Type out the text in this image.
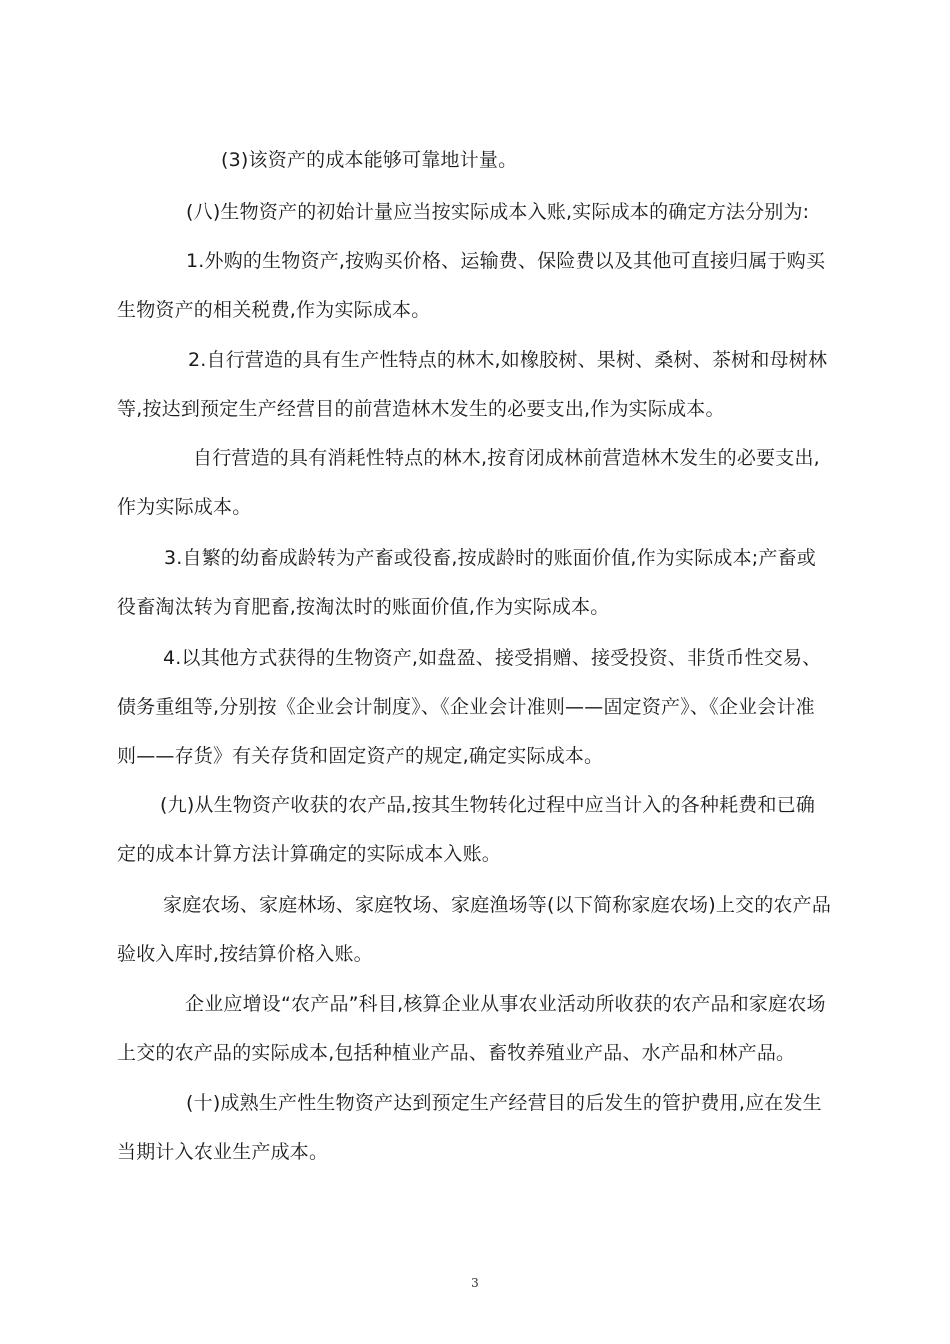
(3)该资产的成本能够可靠地计量。

(八)生物资产的初始计量应当按实际成本入账,实际成本的确定方法分别为:

1.外购的生物资产,按购买价格、运输费、保险费以及其他可直接归属于购买生物资产的相关税费,作为实际成本。

2.自行营造的具有生产性特点的林木,如橡胶树、果树、桑树、茶树和母树林等,按达到预定生产经营目的前营造林木发生的必要支出,作为实际成本。

自行营造的具有消耗性特点的林木,按育闭成林前营造林木发生的必要支出,作为实际成本。

3.自繁的幼畜成龄转为产畜或役畜,按成龄时的账面价值,作为实际成本;产畜或役畜淘汰转为育肥畜,按淘汰时的账面价值,作为实际成本。

4.以其他方式获得的生物资产,如盘盈、接受捐赠、接受投资、非货币性交易、债务重组等,分别按《企业会计制度》、《企业会计准则——固定资产》、《企业会计准则——存货》有关存货和固定资产的规定,确定实际成本。

(九)从生物资产收获的农产品,按其生物转化过程中应当计入的各种耗费和已确定的成本计算方法计算确定的实际成本入账。

家庭农场、家庭林场、家庭牧场、家庭渔场等(以下简称家庭农场)上交的农产品验收入库时,按结算价格入账。

企业应增设“农产品”科目,核算企业从事农业活动所收获的农产品和家庭农场上交的农产品的实际成本,包括种植业产品、畜牧养殖业产品、水产品和林产品。

(十)成熟生产性生物资产达到预定生产经营目的后发生的管护费用,应在发生当期计入农业生产成本。

3
